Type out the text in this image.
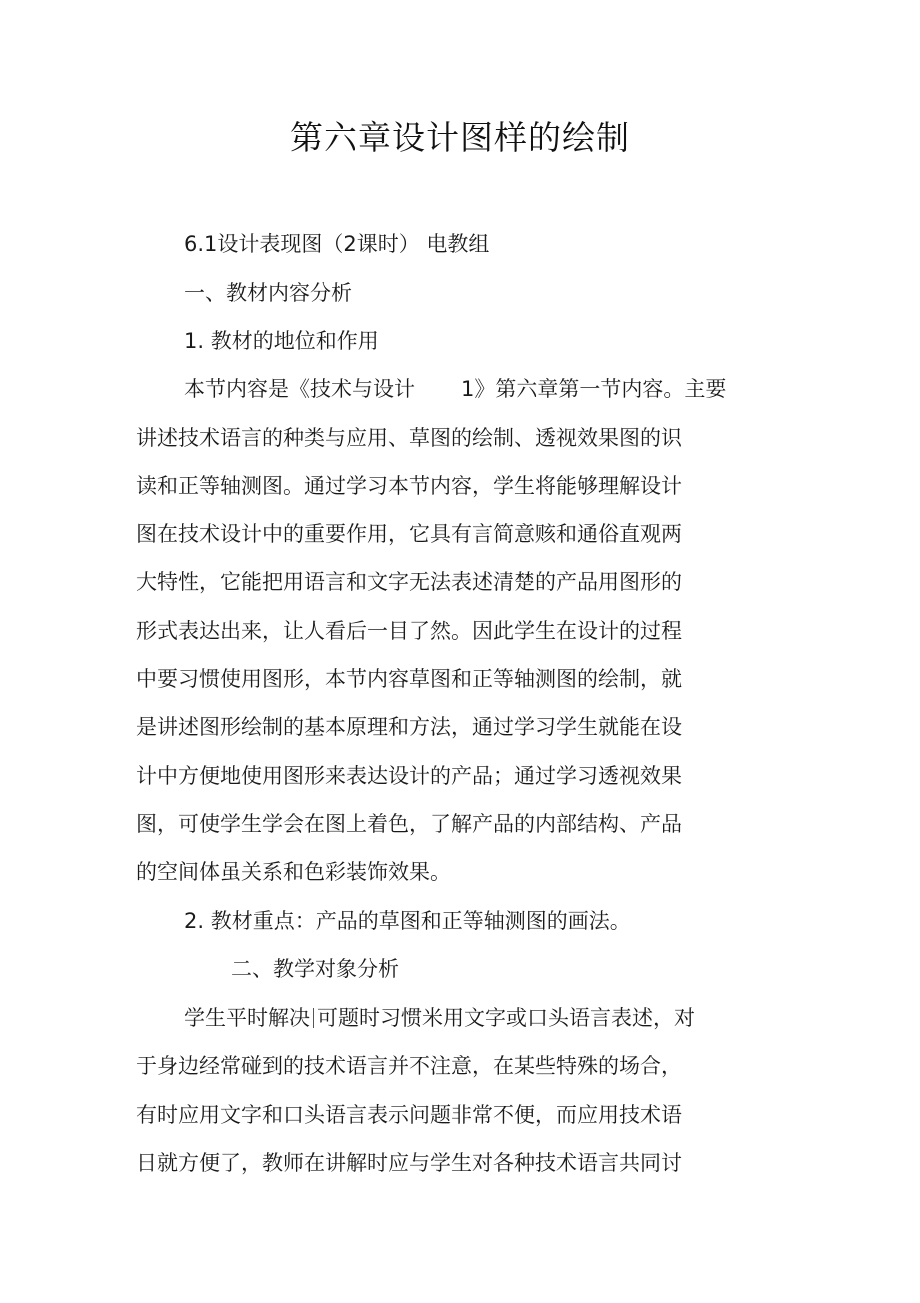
第六章设计图样的绘制
6.1设计表现图（2课时） 电教组
一、教材内容分析
1. 教材的地位和作用
本节内容是《技术与设计 1》第六章第一节内容。主要
讲述技术语言的种类与应用、草图的绘制、透视效果图的识
读和正等轴测图。通过学习本节内容，学生将能够理解设计
图在技术设计中的重要作用，它具有言简意赅和通俗直观两
大特性，它能把用语言和文字无法表述清楚的产品用图形的
形式表达出来，让人看后一目了然。因此学生在设计的过程
中要习惯使用图形，本节内容草图和正等轴测图的绘制，就
是讲述图形绘制的基本原理和方法，通过学习学生就能在设
计中方便地使用图形来表达设计的产品；通过学习透视效果
图，可使学生学会在图上着色，了解产品的内部结构、产品
的空间体虽关系和色彩装饰效果。
2. 教材重点：产品的草图和正等轴测图的画法。
二、教学对象分析
学生平时解决 可题时习惯米用文字或口头语言表述，对
于身边经常碰到的技术语言并不注意，在某些特殊的场合，
有时应用文字和口头语言表示问题非常不便，而应用技术语
日就方便了，教师在讲解时应与学生对各种技术语言共同讨
